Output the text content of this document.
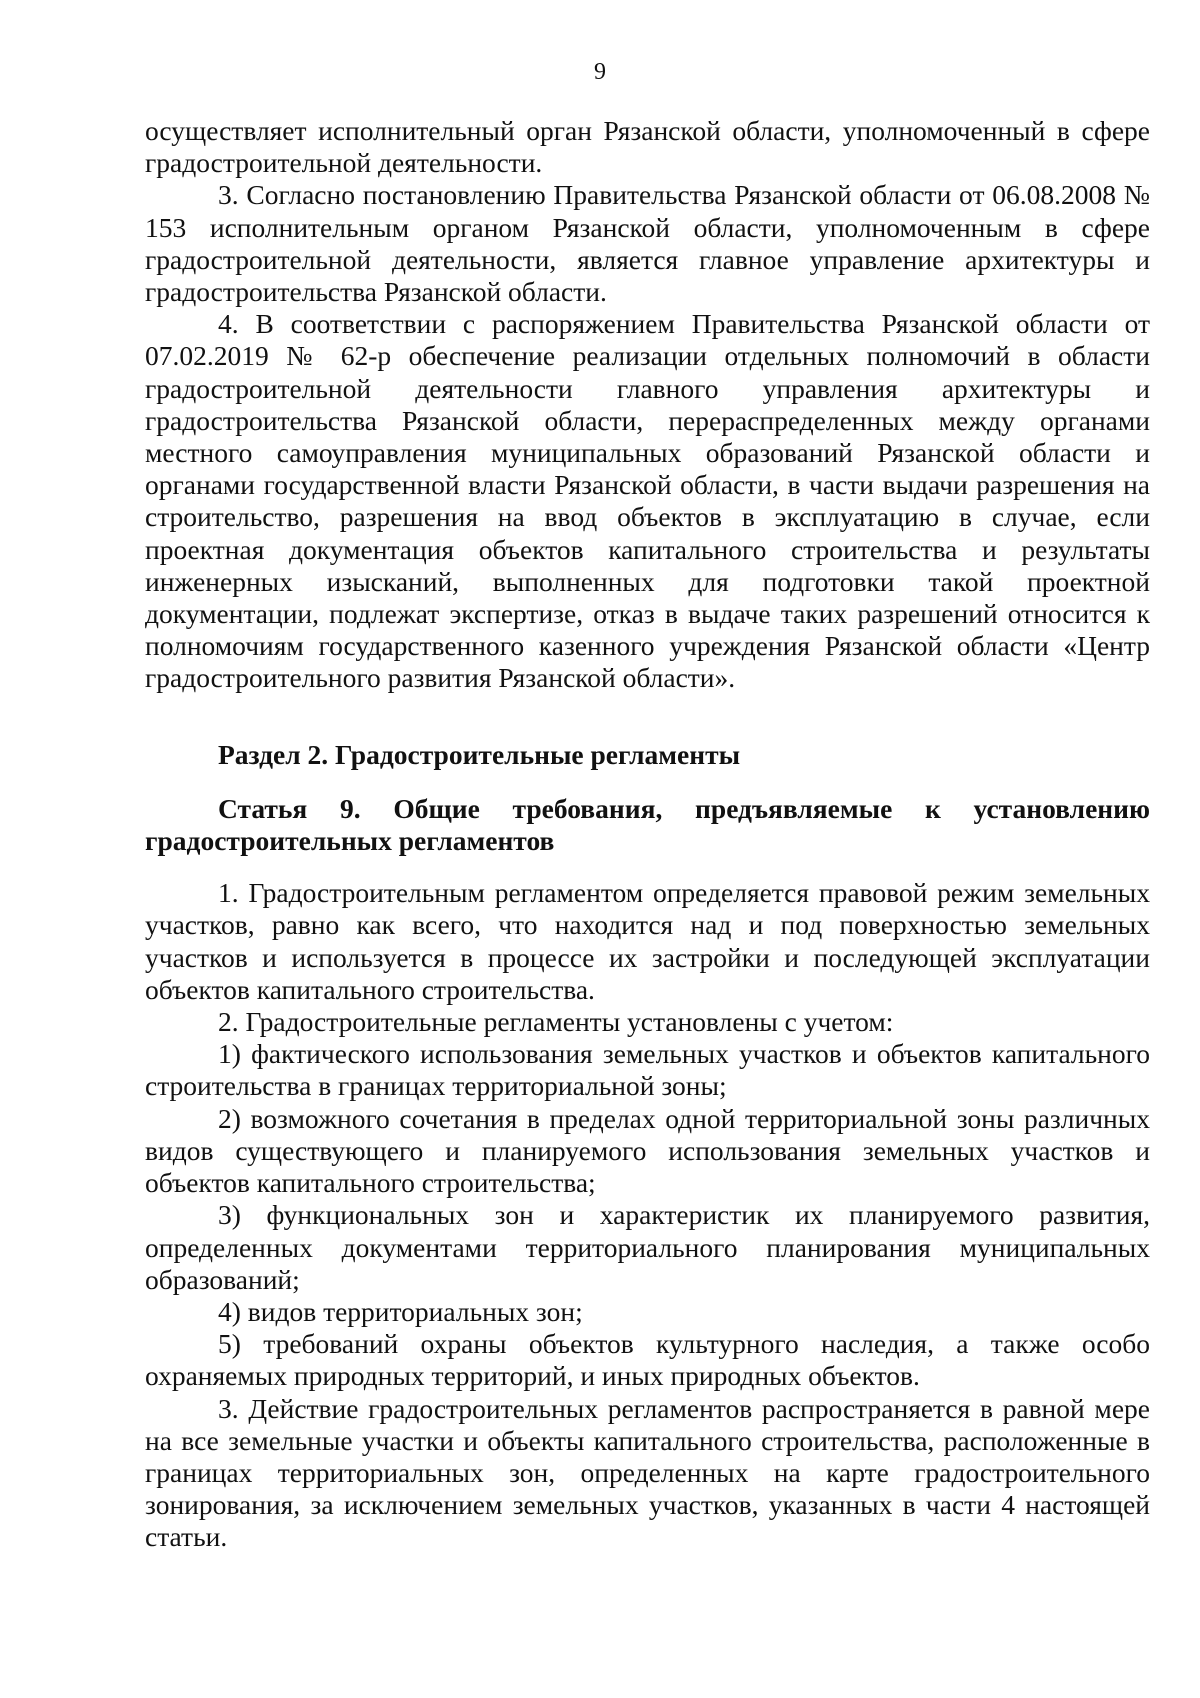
9

осуществляет исполнительный орган Рязанской области, уполномоченный в сфере градостроительной деятельности.

3. Согласно постановлению Правительства Рязанской области от 06.08.2008 № 153 исполнительным органом Рязанской области, уполномоченным в сфере градостроительной деятельности, является главное управление архитектуры и градостроительства Рязанской области.

4. В соответствии с распоряжением Правительства Рязанской области от 07.02.2019 № 62-р обеспечение реализации отдельных полномочий в области градостроительной деятельности главного управления архитектуры и градостроительства Рязанской области, перераспределенных между органами местного самоуправления муниципальных образований Рязанской области и органами государственной власти Рязанской области, в части выдачи разрешения на строительство, разрешения на ввод объектов в эксплуатацию в случае, если проектная документация объектов капитального строительства и результаты инженерных изысканий, выполненных для подготовки такой проектной документации, подлежат экспертизе, отказ в выдаче таких разрешений относится к полномочиям государственного казенного учреждения Рязанской области «Центр градостроительного развития Рязанской области».

Раздел 2. Градостроительные регламенты

Статья 9. Общие требования, предъявляемые к установлению градостроительных регламентов

1. Градостроительным регламентом определяется правовой режим земельных участков, равно как всего, что находится над и под поверхностью земельных участков и используется в процессе их застройки и последующей эксплуатации объектов капитального строительства.

2. Градостроительные регламенты установлены с учетом:

1) фактического использования земельных участков и объектов капитального строительства в границах территориальной зоны;

2) возможного сочетания в пределах одной территориальной зоны различных видов существующего и планируемого использования земельных участков и объектов капитального строительства;

3) функциональных зон и характеристик их планируемого развития, определенных документами территориального планирования муниципальных образований;

4) видов территориальных зон;

5) требований охраны объектов культурного наследия, а также особо охраняемых природных территорий, и иных природных объектов.

3. Действие градостроительных регламентов распространяется в равной мере на все земельные участки и объекты капитального строительства, расположенные в границах территориальных зон, определенных на карте градостроительного зонирования, за исключением земельных участков, указанных в части 4 настоящей статьи.
